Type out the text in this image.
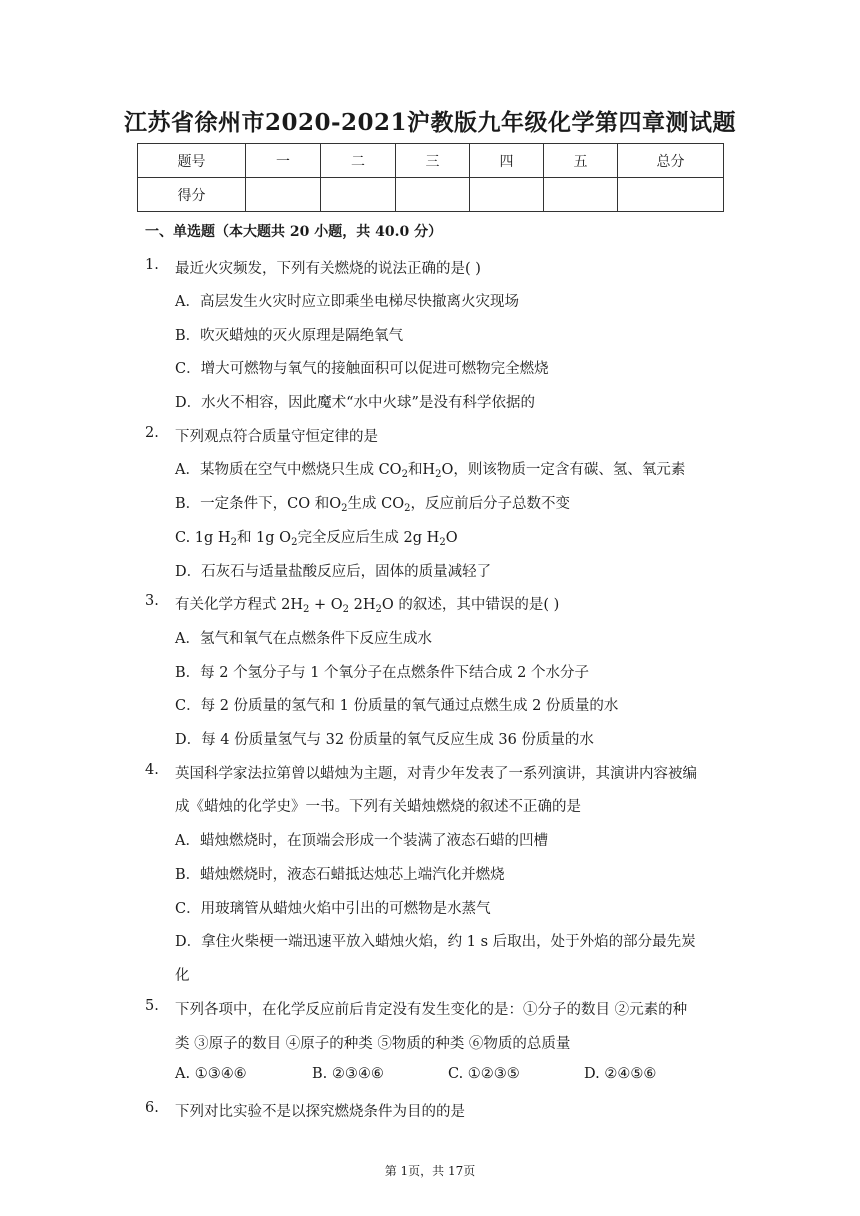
江苏省徐州市2020-2021沪教版九年级化学第四章测试题
题号	一	二	三	四	五	总分
得分						
一、单选题（本大题共 20 小题，共 40.0 分）
1. 最近火灾频发，下列有关燃烧的说法正确的是( )
A．高层发生火灾时应立即乘坐电梯尽快撤离火灾现场
B．吹灭蜡烛的灭火原理是隔绝氧气
C．增大可燃物与氧气的接触面积可以促进可燃物完全燃烧
D．水火不相容，因此魔术“水中火球”是没有科学依据的
2. 下列观点符合质量守恒定律的是
A．某物质在空气中燃烧只生成 $CO_2$和$H_2O$，则该物质一定含有碳、氢、氧元素
B．一定条件下，CO 和$O_2$生成 $CO_2$，反应前后分子总数不变
C. 1g $H_2$和 1g $O_2$完全反应后生成 2g $H_2O$
D．石灰石与适量盐酸反应后，固体的质量减轻了
3. 有关化学方程式 $2H_2 + O_2$ $2H_2O$ 的叙述，其中错误的是( )
A．氢气和氧气在点燃条件下反应生成水
B．每 2 个氢分子与 1 个氧分子在点燃条件下结合成 2 个水分子
C．每 2 份质量的氢气和 1 份质量的氧气通过点燃生成 2 份质量的水
D．每 4 份质量氢气与 32 份质量的氧气反应生成 36 份质量的水
4. 英国科学家法拉第曾以蜡烛为主题，对青少年发表了一系列演讲，其演讲内容被编
成《蜡烛的化学史》一书。下列有关蜡烛燃烧的叙述不正确的是
A．蜡烛燃烧时，在顶端会形成一个装满了液态石蜡的凹槽
B．蜡烛燃烧时，液态石蜡抵达烛芯上端汽化并燃烧
C．用玻璃管从蜡烛火焰中引出的可燃物是水蒸气
D．拿住火柴梗一端迅速平放入蜡烛火焰，约 1 s 后取出，处于外焰的部分最先炭
化
5. 下列各项中，在化学反应前后肯定没有发生变化的是：①分子的数目 ②元素的种
类 ③原子的数目 ④原子的种类 ⑤物质的种类 ⑥物质的总质量
A. ①③④⑥	B. ②③④⑥	C. ①②③⑤	D. ②④⑤⑥
6. 下列对比实验不是以探究燃烧条件为目的的是
第 1页，共 17页
